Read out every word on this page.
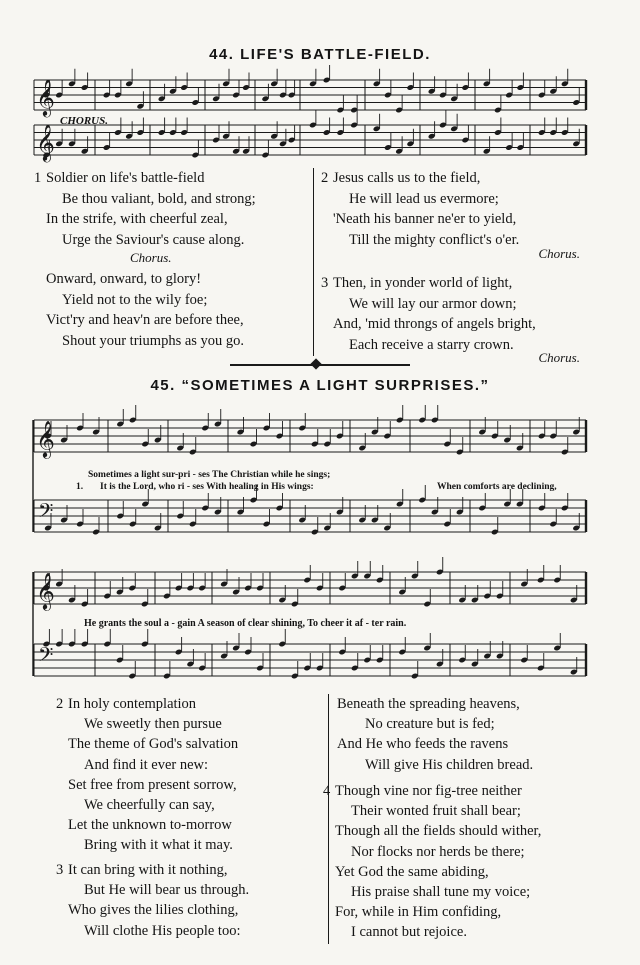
𝄞
𝄞
𝄞
𝄢
𝄞
𝄢
44. LIFE'S BATTLE-FIELD.
CHORUS.
1 Soldier on life's battle-field
Be thou valiant, bold, and strong;
In the strife, with cheerful zeal,
Urge the Saviour's cause along.
Chorus.
Onward, onward, to glory!
Yield not to the wily foe;
Vict'ry and heav'n are before thee,
Shout your triumphs as you go.
2 Jesus calls us to the field,
He will lead us evermore;
'Neath his banner ne'er to yield,
Till the mighty conflict's o'er.
Chorus.
3 Then, in yonder world of light,
We will lay our armor down;
And, 'mid throngs of angels bright,
Each receive a starry crown.
Chorus.
45. “SOMETIMES A LIGHT SURPRISES.”
Sometimes a light sur-pri - ses The Christian while he sings;
1. It is the Lord, who ri - ses With healing in His wings:	When comforts are declining,
He grants the soul a - gain A season of clear shining, To cheer it af - ter rain.
2 In holy contemplation
We sweetly then pursue
The theme of God's salvation
And find it ever new:
Set free from present sorrow,
We cheerfully can say,
Let the unknown to-morrow
Bring with it what it may.
3 It can bring with it nothing,
But He will bear us through.
Who gives the lilies clothing,
Will clothe His people too:
Beneath the spreading heavens,
No creature but is fed;
And He who feeds the ravens
Will give His children bread.
4 Though vine nor fig-tree neither
Their wonted fruit shall bear;
Though all the fields should wither,
Nor flocks nor herds be there;
Yet God the same abiding,
His praise shall tune my voice;
For, while in Him confiding,
I cannot but rejoice.
